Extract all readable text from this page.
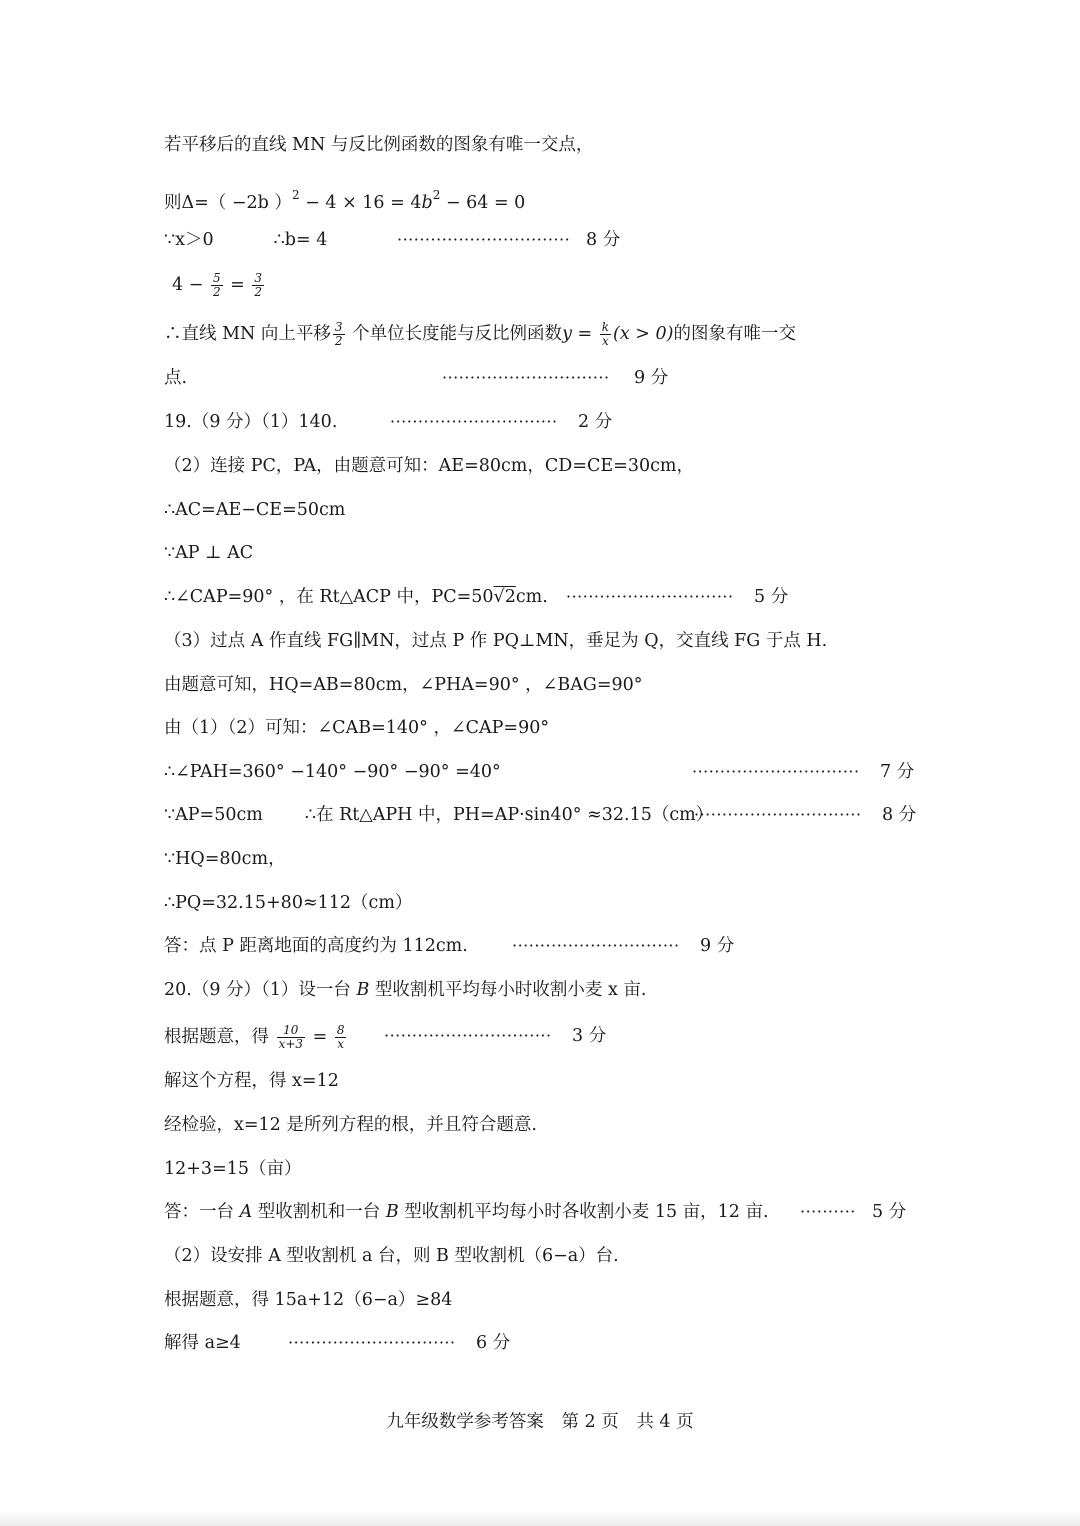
若平移后的直线 MN 与反比例函数的图象有唯一交点，
则Δ=（ −2b ）$^2 - 4 \times 16 = 4b^2 - 64 = 0$
∵x＞0	∴b= 4	······························· 8 分
$4 - \frac{5}{2} = \frac{3}{2}$
∴直线 MN 向上平移 $\frac{3}{2}$ 个单位长度能与反比例函数$y = \frac{k}{x} (x > 0)$的图象有唯一交
点.	······························ 9 分
19.（9 分）（1）140.	······························ 2 分
（2）连接 PC，PA，由题意可知：AE=80cm，CD=CE=30cm，
∴AC=AE−CE=50cm
∵AP ⊥ AC
∴∠CAP=90° ，在 Rt△ACP 中，PC=50√2cm. ······························ 5 分
（3）过点 A 作直线 FG∥MN，过点 P 作 PQ⊥MN，垂足为 Q，交直线 FG 于点 H.
由题意可知，HQ=AB=80cm，∠PHA=90° ，∠BAG=90°
由（1）（2）可知：∠CAB=140° ，∠CAP=90°
∴∠PAH=360° −140° −90° −90° =40°	······························ 7 分
∵AP=50cm ∴在 Rt△APH 中，PH=AP·sin40° ≈32.15（cm）
······························ 8 分
∵HQ=80cm，
∴PQ=32.15+80≈112（cm）
答：点 P 距离地面的高度约为 112cm.	······························ 9 分
20.（9 分）（1）设一台 B 型收割机平均每小时收割小麦 x 亩.
根据题意，得 $\frac{10}{x+3} = \frac{8}{x}$ ······························ 3 分
解这个方程，得 x=12
经检验，x=12 是所列方程的根，并且符合题意.
12+3=15（亩）
答：一台 A 型收割机和一台 B 型收割机平均每小时各收割小麦 15 亩，12 亩. ·········· 5 分
（2）设安排 A 型收割机 a 台，则 B 型收割机（6−a）台.
根据题意，得 15a+12（6−a）≥84
解得 a≥4	······························ 6 分
九年级数学参考答案 第 2 页 共 4 页
